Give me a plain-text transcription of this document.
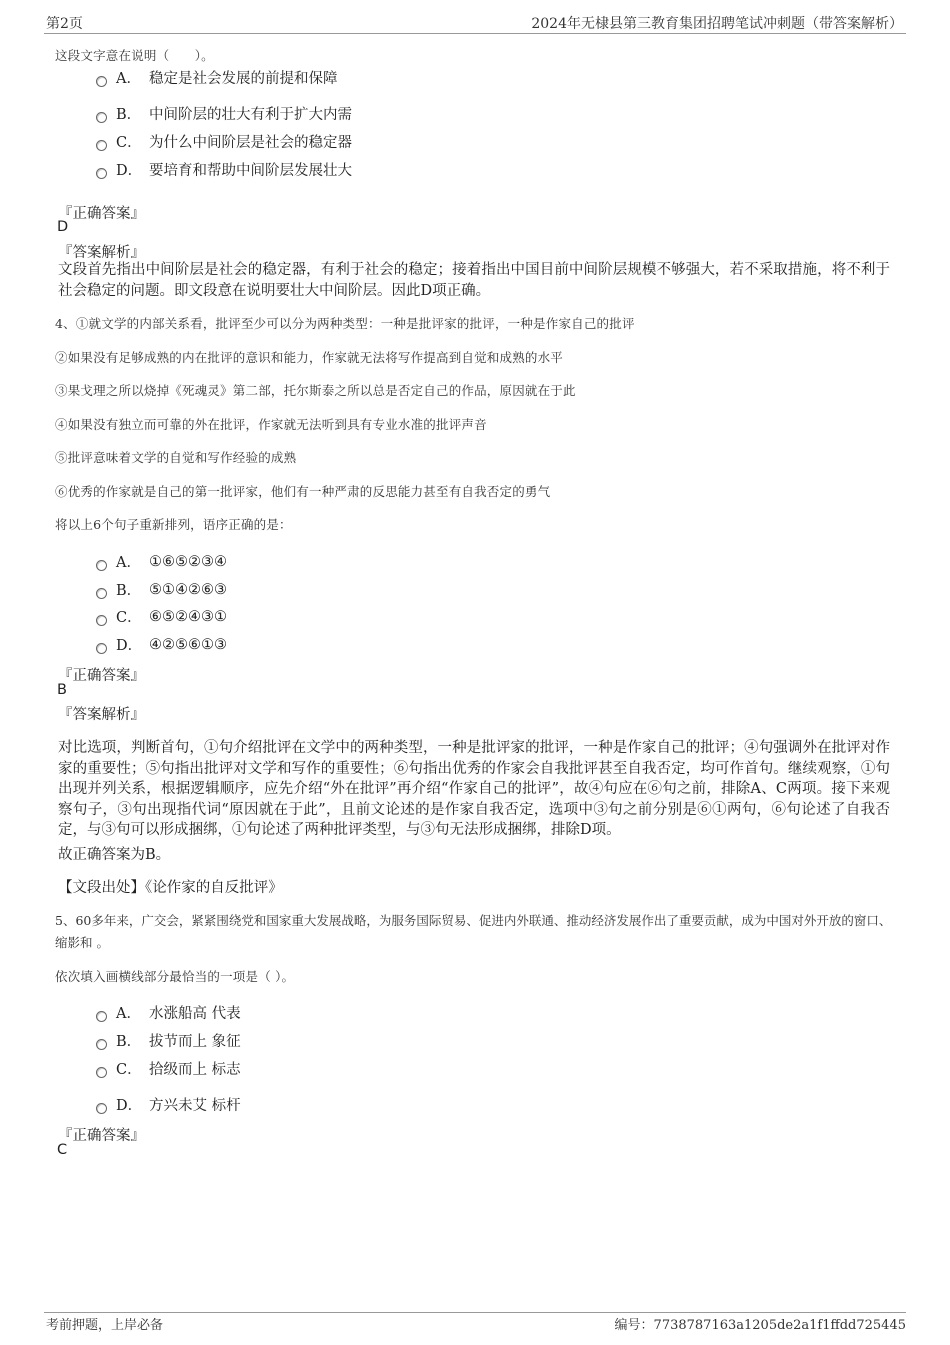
第2页	2024年无棣县第三教育集团招聘笔试冲刺题（带答案解析）
这段文字意在说明（　　）。
A． 稳定是社会发展的前提和保障
B． 中间阶层的壮大有利于扩大内需
C． 为什么中间阶层是社会的稳定器
D． 要培育和帮助中间阶层发展壮大
『正确答案』
D
『答案解析』
文段首先指出中间阶层是社会的稳定器，有利于社会的稳定；接着指出中国目前中间阶层规模不够强大，若不采取措施，将不利于社会稳定的问题。即文段意在说明要壮大中间阶层。因此D项正确。
4、①就文学的内部关系看，批评至少可以分为两种类型：一种是批评家的批评，一种是作家自己的批评
②如果没有足够成熟的内在批评的意识和能力，作家就无法将写作提高到自觉和成熟的水平
③果戈理之所以烧掉《死魂灵》第二部，托尔斯泰之所以总是否定自己的作品，原因就在于此
④如果没有独立而可靠的外在批评，作家就无法听到具有专业水准的批评声音
⑤批评意味着文学的自觉和写作经验的成熟
⑥优秀的作家就是自己的第一批评家，他们有一种严肃的反思能力甚至有自我否定的勇气
将以上6个句子重新排列，语序正确的是：
A． ①⑥⑤②③④
B． ⑤①④②⑥③
C． ⑥⑤②④③①
D． ④②⑤⑥①③
『正确答案』
B
『答案解析』
对比选项，判断首句，①句介绍批评在文学中的两种类型，一种是批评家的批评，一种是作家自己的批评；④句强调外在批评对作家的重要性；⑤句指出批评对文学和写作的重要性；⑥句指出优秀的作家会自我批评甚至自我否定，均可作首句。继续观察，①句出现并列关系，根据逻辑顺序，应先介绍“外在批评”再介绍“作家自己的批评”，故④句应在⑥句之前，排除A、C两项。接下来观察句子，③句出现指代词“原因就在于此”，且前文论述的是作家自我否定，选项中③句之前分别是⑥①两句，⑥句论述了自我否定，与③句可以形成捆绑，①句论述了两种批评类型，与③句无法形成捆绑，排除D项。
故正确答案为B。
【文段出处】《论作家的自反批评》
5、60多年来，广交会，紧紧围绕党和国家重大发展战略，为服务国际贸易、促进内外联通、推动经济发展作出了重要贡献，成为中国对外开放的窗口、缩影和 。
依次填入画横线部分最恰当的一项是（ ）。
A． 水涨船高 代表
B． 拔节而上 象征
C． 拾级而上 标志
D． 方兴未艾 标杆
『正确答案』
C
考前押题，上岸必备	编号：7738787163a1205de2a1f1ffdd725445
